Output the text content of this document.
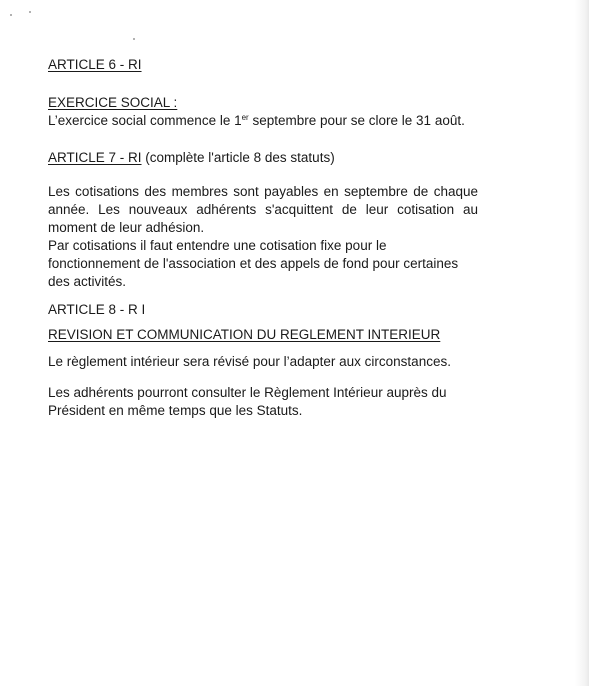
ARTICLE 6 - RI
EXERCICE SOCIAL :
L’exercice social commence le 1er septembre pour se clore le 31 août.
ARTICLE 7 - RI (complète l'article 8 des statuts)
Les cotisations des membres sont payables en septembre de chaque
année. Les nouveaux adhérents s'acquittent de leur cotisation au
moment de leur adhésion.
Par cotisations il faut entendre une cotisation fixe pour le
fonctionnement de l'association et des appels de fond pour certaines
des activités.
ARTICLE 8 - R I
REVISION ET COMMUNICATION DU REGLEMENT INTERIEUR
Le règlement intérieur sera révisé pour l’adapter aux circonstances.
Les adhérents pourront consulter le Règlement Intérieur auprès du
Président en même temps que les Statuts.
